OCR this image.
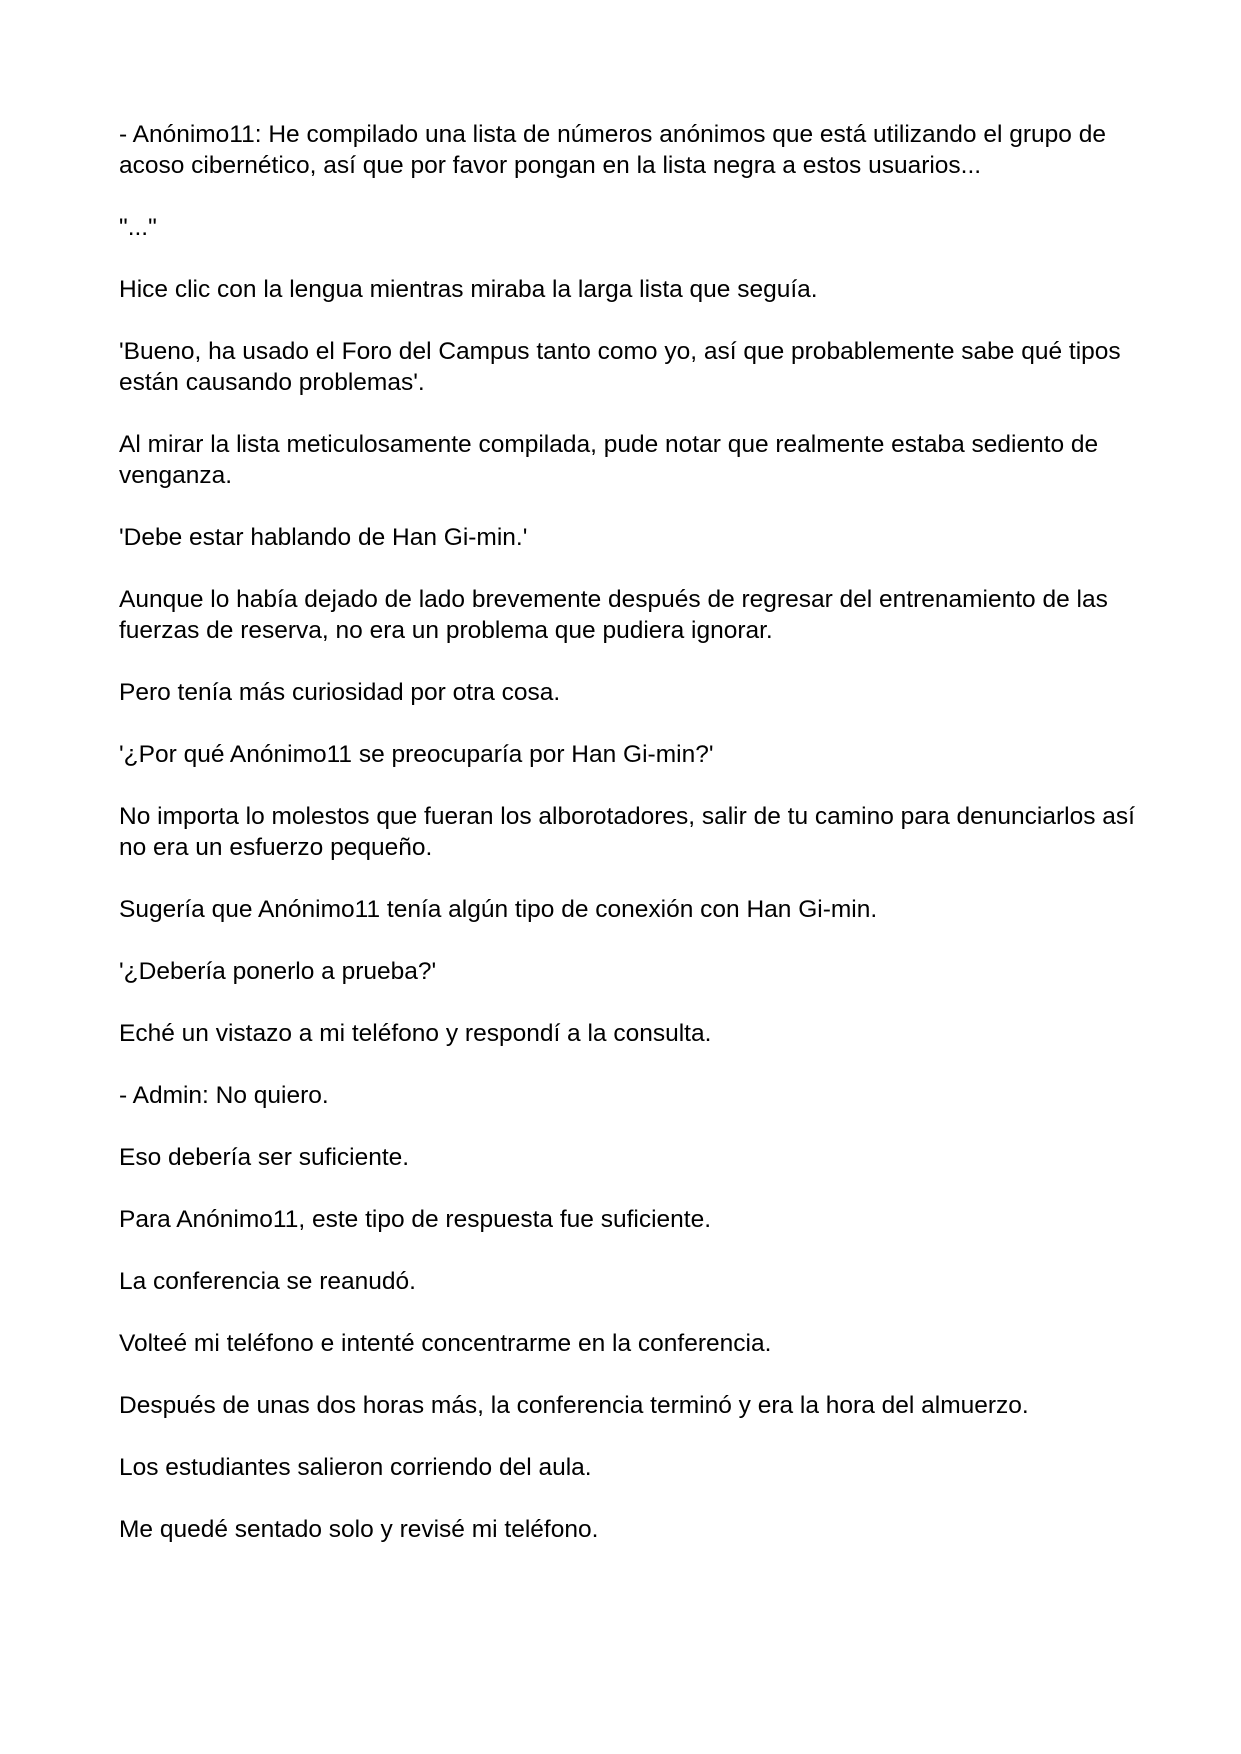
- Anónimo11: He compilado una lista de números anónimos que está utilizando el grupo de acoso cibernético, así que por favor pongan en la lista negra a estos usuarios...

"..."

Hice clic con la lengua mientras miraba la larga lista que seguía.

'Bueno, ha usado el Foro del Campus tanto como yo, así que probablemente sabe qué tipos están causando problemas'.

Al mirar la lista meticulosamente compilada, pude notar que realmente estaba sediento de venganza.

'Debe estar hablando de Han Gi-min.'

Aunque lo había dejado de lado brevemente después de regresar del entrenamiento de las fuerzas de reserva, no era un problema que pudiera ignorar.

Pero tenía más curiosidad por otra cosa.

'¿Por qué Anónimo11 se preocuparía por Han Gi-min?'

No importa lo molestos que fueran los alborotadores, salir de tu camino para denunciarlos así no era un esfuerzo pequeño.

Sugería que Anónimo11 tenía algún tipo de conexión con Han Gi-min.

'¿Debería ponerlo a prueba?'

Eché un vistazo a mi teléfono y respondí a la consulta.

- Admin: No quiero.

Eso debería ser suficiente.

Para Anónimo11, este tipo de respuesta fue suficiente.

La conferencia se reanudó.

Volteé mi teléfono e intenté concentrarme en la conferencia.

Después de unas dos horas más, la conferencia terminó y era la hora del almuerzo.

Los estudiantes salieron corriendo del aula.

Me quedé sentado solo y revisé mi teléfono.
